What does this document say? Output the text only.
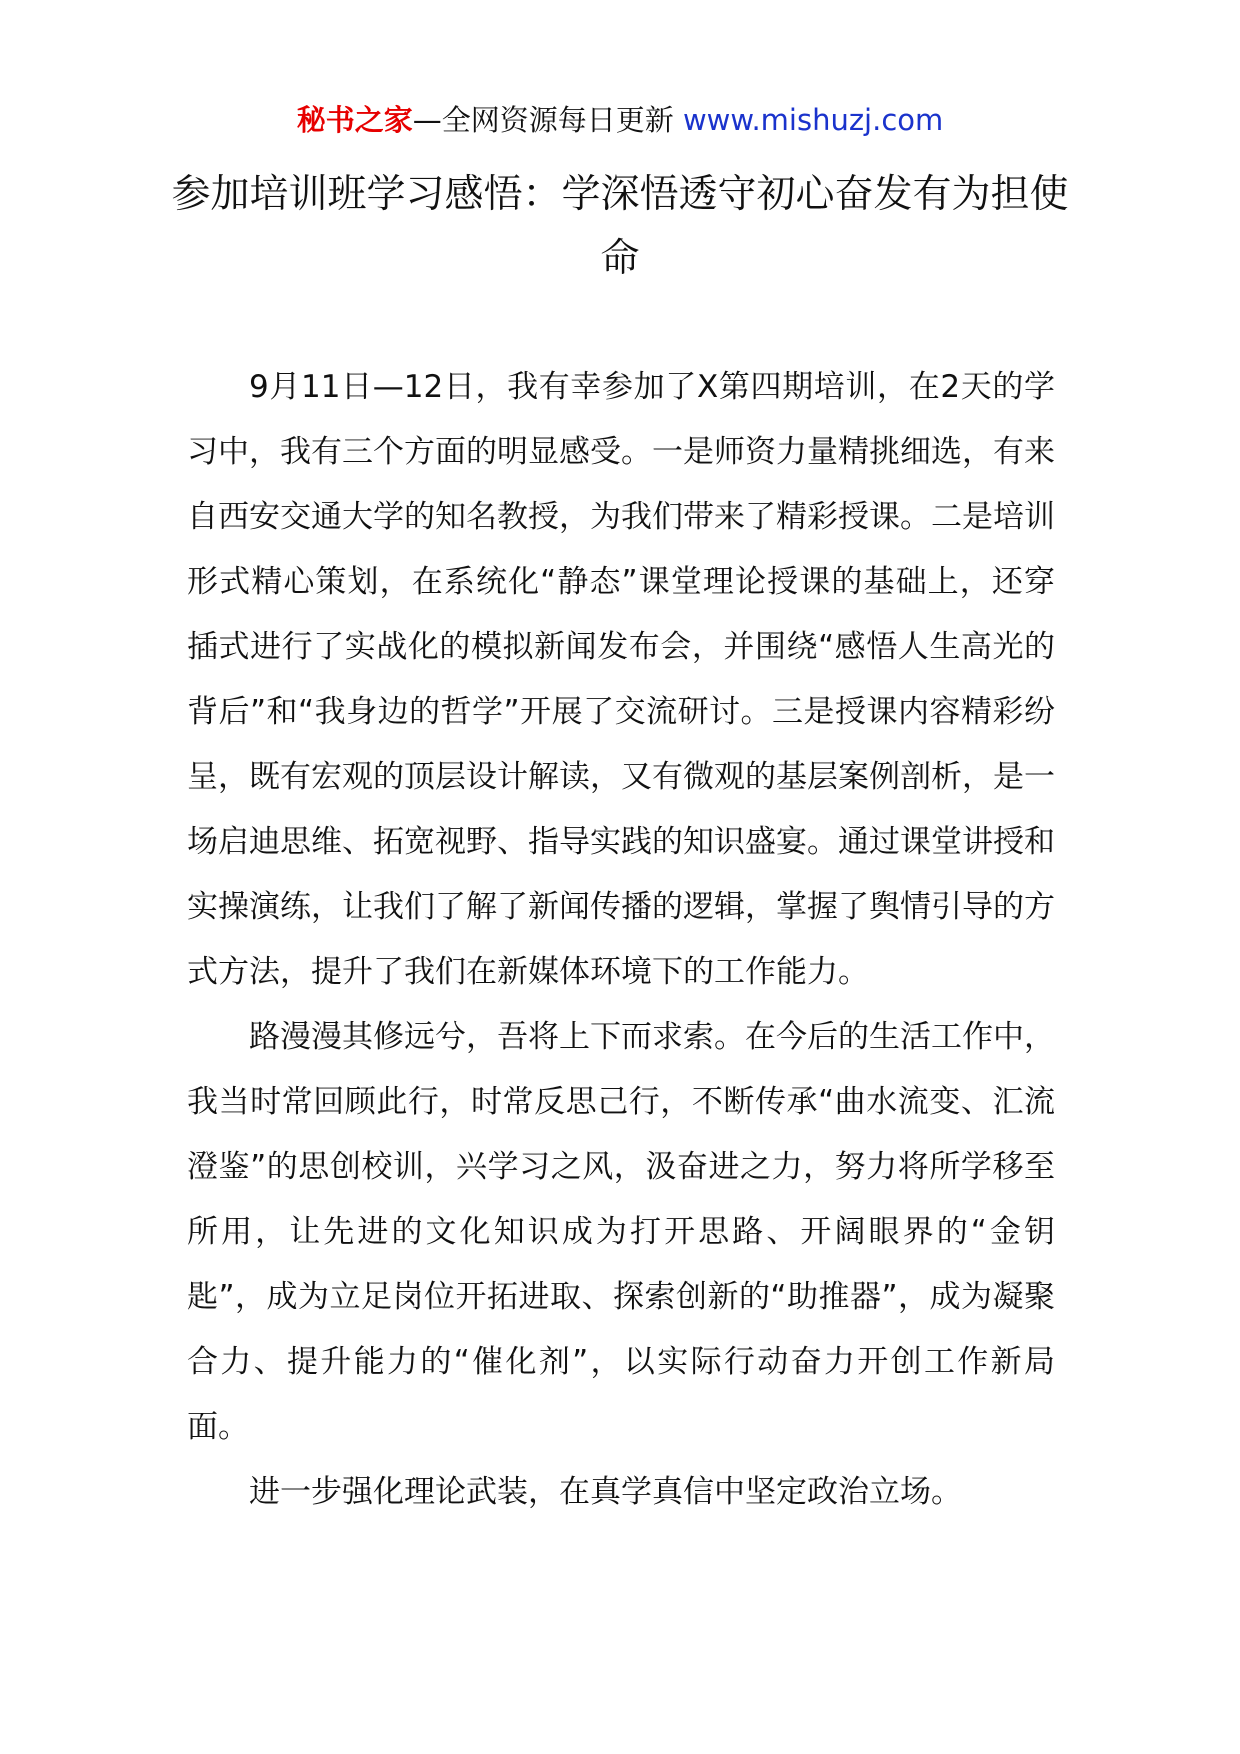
秘书之家—全网资源每日更新 www.mishuzj.com
参加培训班学习感悟：学深悟透守初心奋发有为担使命

9月11日—12日，我有幸参加了X第四期培训，在2天的学习中，我有三个方面的明显感受。一是师资力量精挑细选，有来自西安交通大学的知名教授，为我们带来了精彩授课。二是培训形式精心策划，在系统化“静态”课堂理论授课的基础上，还穿插式进行了实战化的模拟新闻发布会，并围绕“感悟人生高光的背后”和“我身边的哲学”开展了交流研讨。三是授课内容精彩纷呈，既有宏观的顶层设计解读，又有微观的基层案例剖析，是一场启迪思维、拓宽视野、指导实践的知识盛宴。通过课堂讲授和实操演练，让我们了解了新闻传播的逻辑，掌握了舆情引导的方式方法，提升了我们在新媒体环境下的工作能力。

路漫漫其修远兮，吾将上下而求索。在今后的生活工作中，我当时常回顾此行，时常反思己行，不断传承“曲水流变、汇流澄鉴”的思创校训，兴学习之风，汲奋进之力，努力将所学移至所用，让先进的文化知识成为打开思路、开阔眼界的“金钥匙”，成为立足岗位开拓进取、探索创新的“助推器”，成为凝聚合力、提升能力的“催化剂”，以实际行动奋力开创工作新局面。

进一步强化理论武装，在真学真信中坚定政治立场。
